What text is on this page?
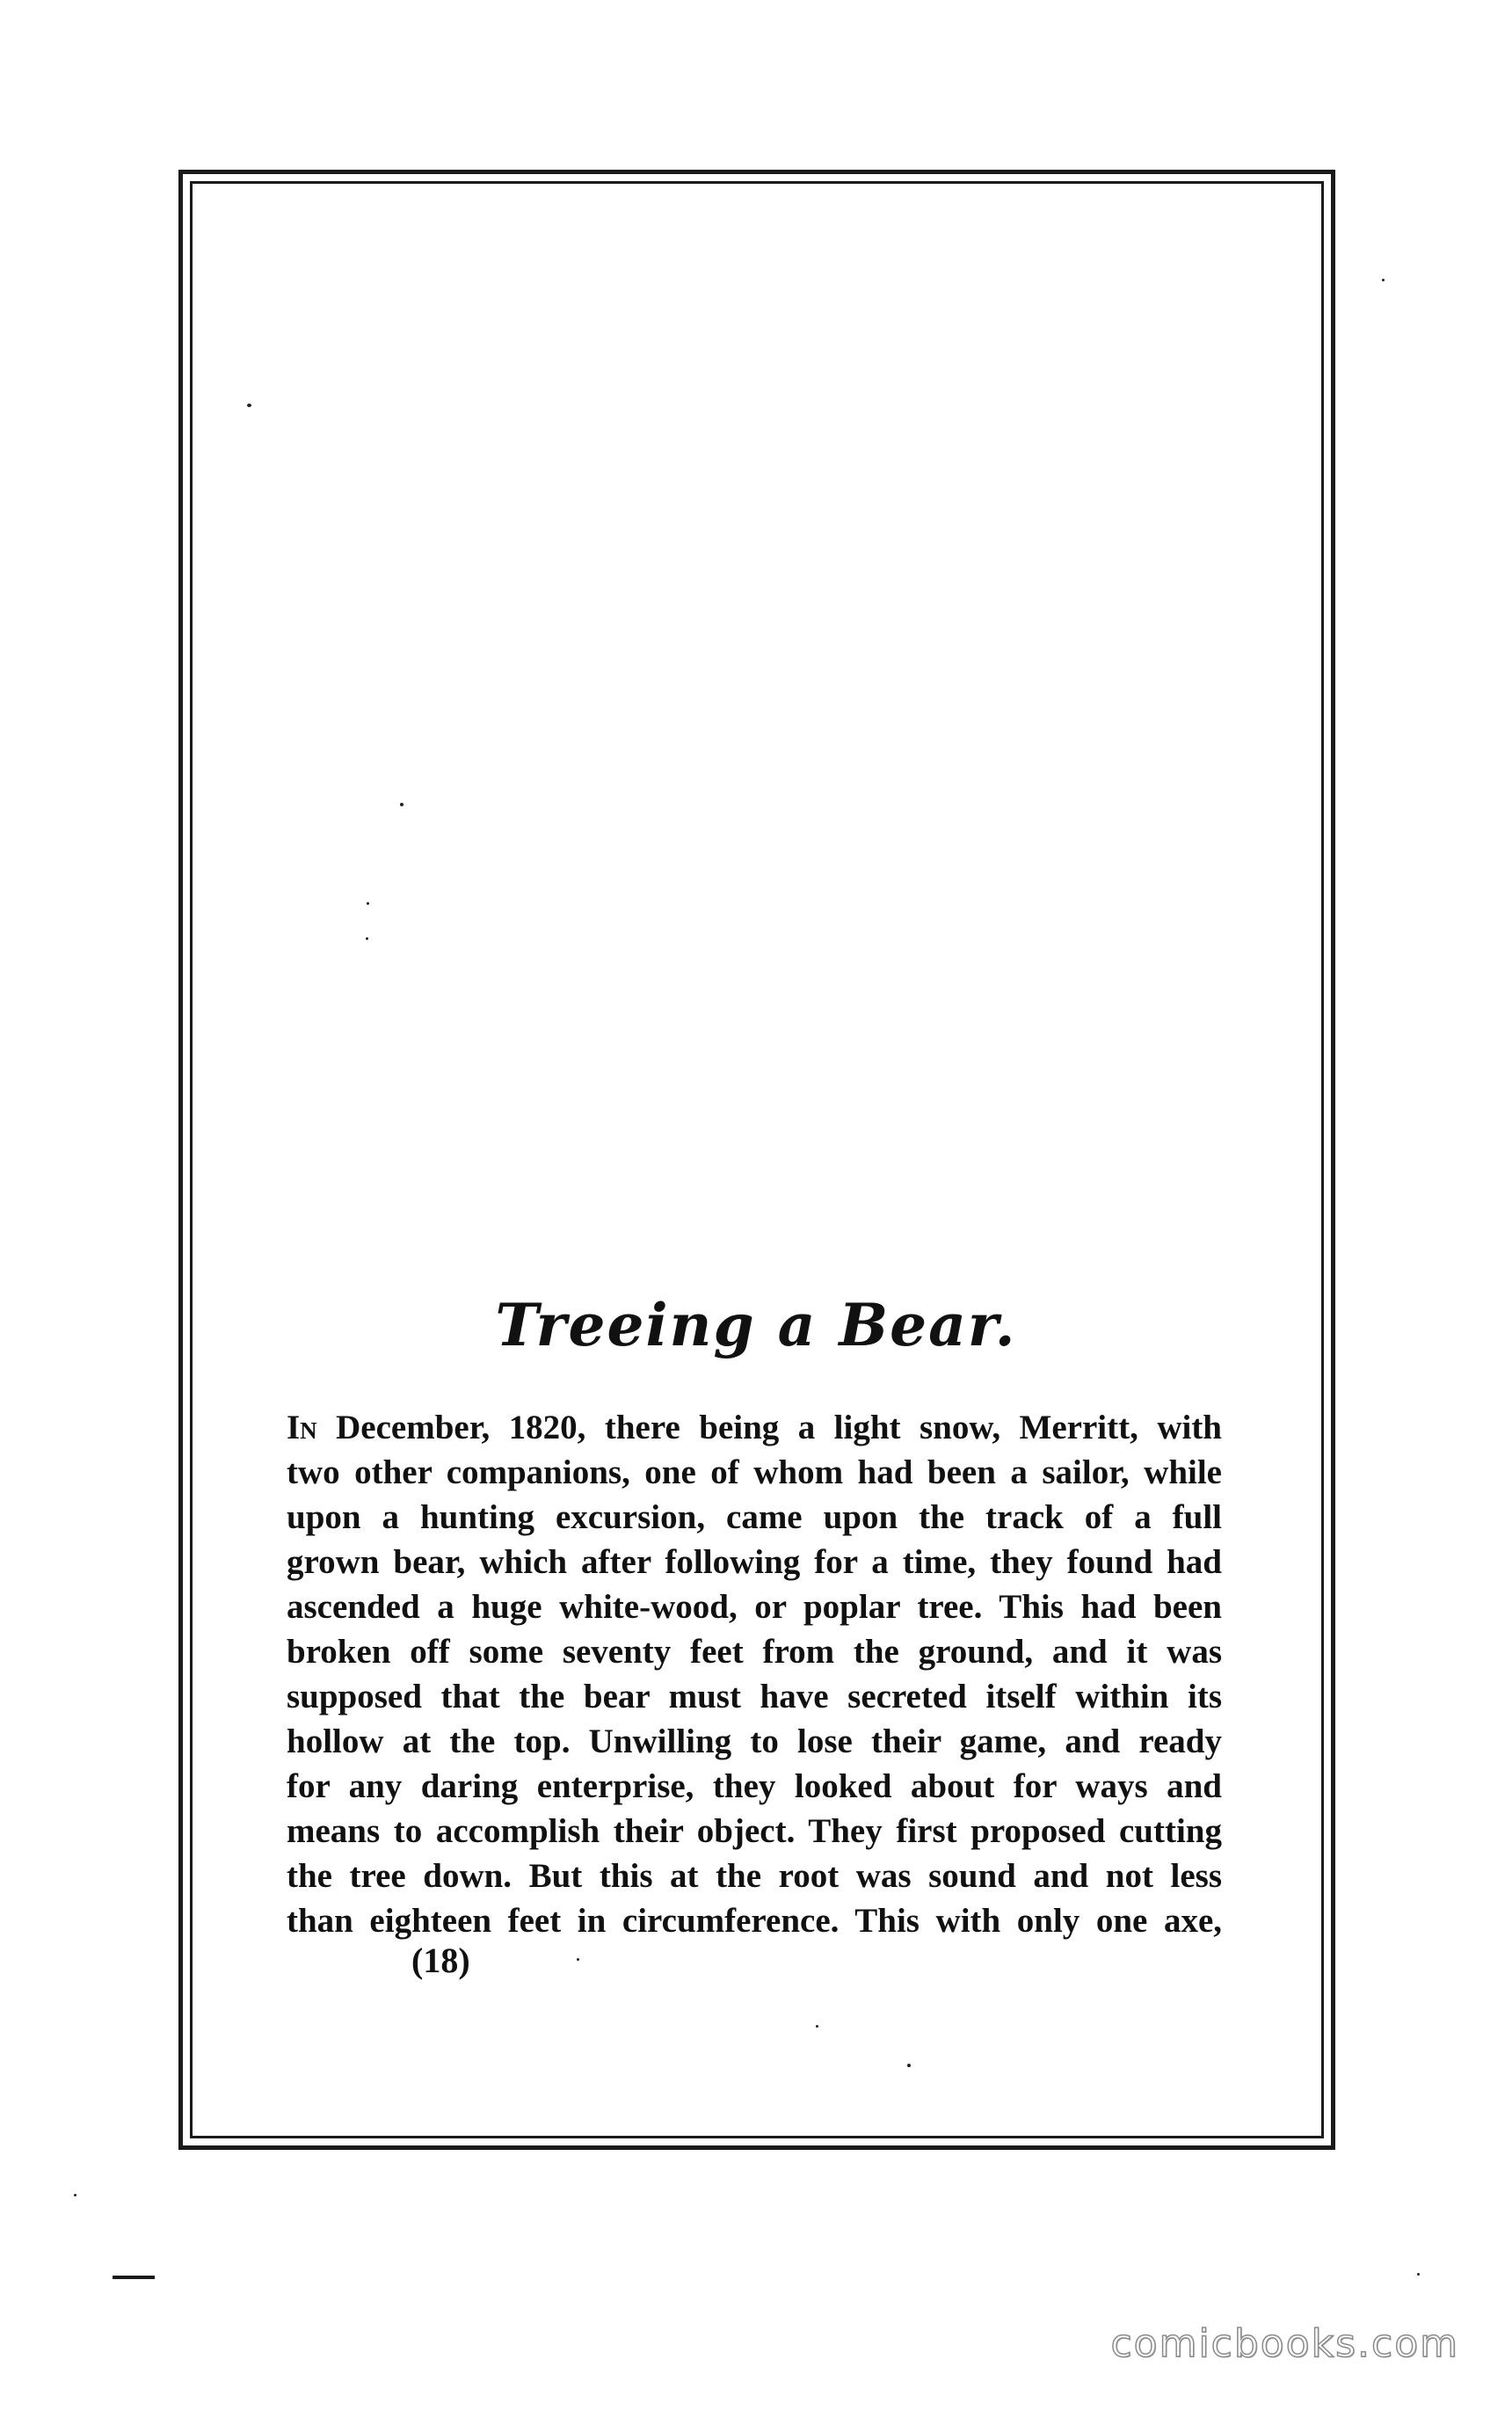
Treeing a Bear.
In December, 1820, there being a light snow, Merritt, with
two other companions, one of whom had been a sailor, while
upon a hunting excursion, came upon the track of a full
grown bear, which after following for a time, they found had
ascended a huge white-wood, or poplar tree. This had been
broken off some seventy feet from the ground, and it was
supposed that the bear must have secreted itself within its
hollow at the top. Unwilling to lose their game, and ready
for any daring enterprise, they looked about for ways and
means to accomplish their object. They first proposed cutting
the tree down. But this at the root was sound and not less
than eighteen feet in circumference. This with only one axe,

(18)

comicbooks.com
